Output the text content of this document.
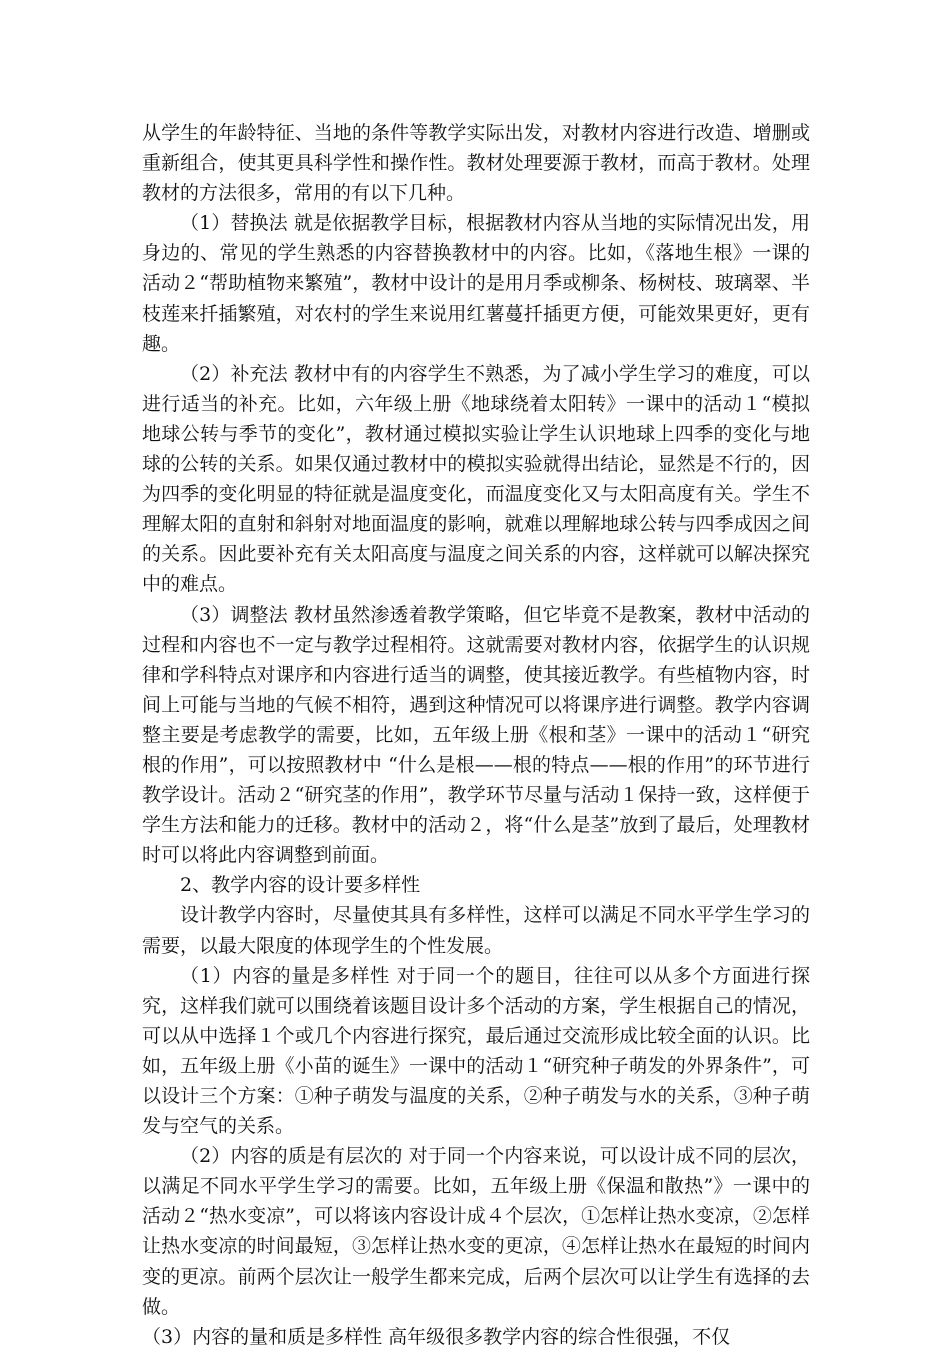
从学生的年龄特征、当地的条件等教学实际出发，对教材内容进行改造、增删或重新组合，使其更具科学性和操作性。教材处理要源于教材，而高于教材。处理教材的方法很多，常用的有以下几种。

（1）替换法 就是依据教学目标，根据教材内容从当地的实际情况出发，用身边的、常见的学生熟悉的内容替换教材中的内容。比如，《落地生根》一课的活动２“帮助植物来繁殖”，教材中设计的是用月季或柳条、杨树枝、玻璃翠、半枝莲来扦插繁殖，对农村的学生来说用红薯蔓扦插更方便，可能效果更好，更有趣。

（2）补充法 教材中有的内容学生不熟悉，为了减小学生学习的难度，可以进行适当的补充。比如，六年级上册《地球绕着太阳转》一课中的活动１“模拟地球公转与季节的变化”，教材通过模拟实验让学生认识地球上四季的变化与地球的公转的关系。如果仅通过教材中的模拟实验就得出结论，显然是不行的，因为四季的变化明显的特征就是温度变化，而温度变化又与太阳高度有关。学生不理解太阳的直射和斜射对地面温度的影响，就难以理解地球公转与四季成因之间的关系。因此要补充有关太阳高度与温度之间关系的内容，这样就可以解决探究中的难点。

（3）调整法 教材虽然渗透着教学策略，但它毕竟不是教案，教材中活动的过程和内容也不一定与教学过程相符。这就需要对教材内容，依据学生的认识规律和学科特点对课序和内容进行适当的调整，使其接近教学。有些植物内容，时间上可能与当地的气候不相符，遇到这种情况可以将课序进行调整。教学内容调整主要是考虑教学的需要，比如，五年级上册《根和茎》一课中的活动１“研究根的作用”，可以按照教材中 “什么是根——根的特点——根的作用”的环节进行教学设计。活动２“研究茎的作用”，教学环节尽量与活动１保持一致，这样便于学生方法和能力的迁移。教材中的活动２，将“什么是茎”放到了最后，处理教材时可以将此内容调整到前面。

2、教学内容的设计要多样性

设计教学内容时，尽量使其具有多样性，这样可以满足不同水平学生学习的需要，以最大限度的体现学生的个性发展。

（1）内容的量是多样性 对于同一个的题目，往往可以从多个方面进行探究，这样我们就可以围绕着该题目设计多个活动的方案，学生根据自己的情况，可以从中选择１个或几个内容进行探究，最后通过交流形成比较全面的认识。比如，五年级上册《小苗的诞生》一课中的活动１“研究种子萌发的外界条件”，可以设计三个方案：①种子萌发与温度的关系，②种子萌发与水的关系，③种子萌发与空气的关系。

（2）内容的质是有层次的 对于同一个内容来说，可以设计成不同的层次，以满足不同水平学生学习的需要。比如，五年级上册《保温和散热”》一课中的活动２“热水变凉”，可以将该内容设计成４个层次，①怎样让热水变凉，②怎样让热水变凉的时间最短，③怎样让热水变的更凉，④怎样让热水在最短的时间内变的更凉。前两个层次让一般学生都来完成，后两个层次可以让学生有选择的去做。

（3）内容的量和质是多样性 高年级很多教学内容的综合性很强，不仅
